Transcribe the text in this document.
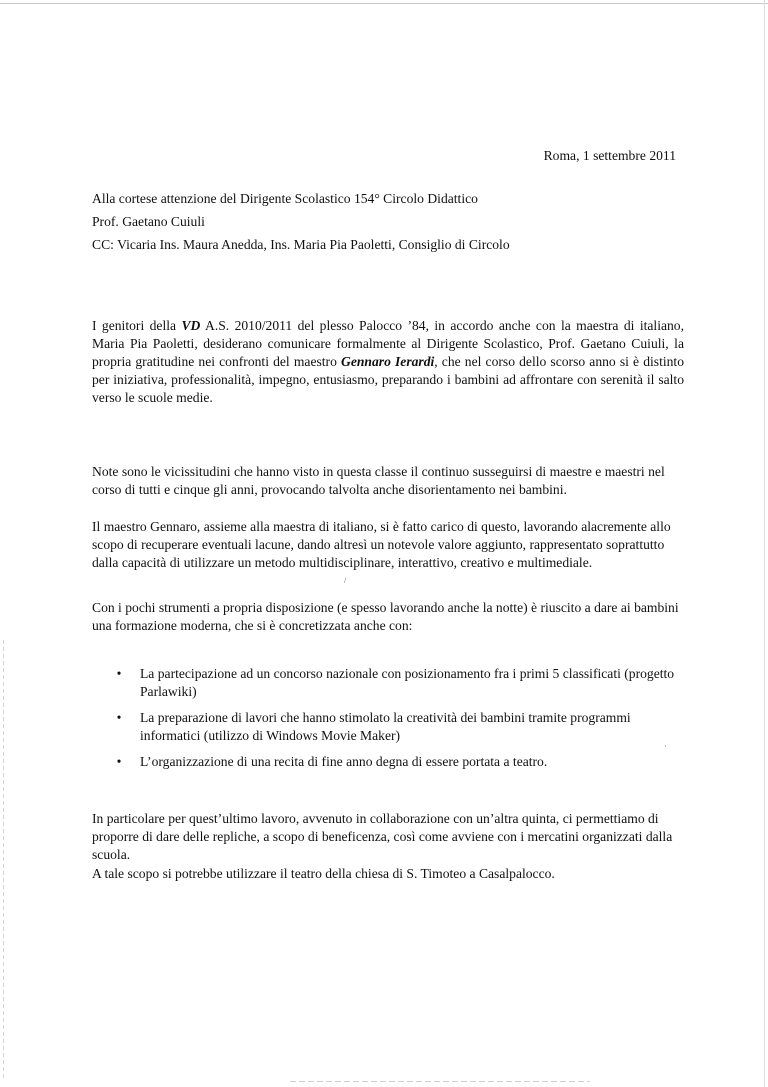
Roma, 1 settembre 2011
Alla cortese attenzione del Dirigente Scolastico 154° Circolo Didattico
Prof. Gaetano Cuiuli
CC: Vicaria Ins. Maura Anedda, Ins. Maria Pia Paoletti, Consiglio di Circolo
I genitori della VD A.S. 2010/2011 del plesso Palocco ’84, in accordo anche con la maestra di italiano, Maria Pia Paoletti, desiderano comunicare formalmente al Dirigente Scolastico, Prof. Gaetano Cuiuli, la propria gratitudine nei confronti del maestro Gennaro Ierardi, che nel corso dello scorso anno si è distinto per iniziativa, professionalità, impegno, entusiasmo, preparando i bambini ad affrontare con serenità il salto verso le scuole medie.
Note sono le vicissitudini che hanno visto in questa classe il continuo susseguirsi di maestre e maestri nel corso di tutti e cinque gli anni, provocando talvolta anche disorientamento nei bambini.
Il maestro Gennaro, assieme alla maestra di italiano, si è fatto carico di questo, lavorando alacremente allo scopo di recuperare eventuali lacune, dando altresì un notevole valore aggiunto, rappresentato soprattutto dalla capacità di utilizzare un metodo multidisciplinare, interattivo, creativo e multimediale.
Con i pochi strumenti a propria disposizione (e spesso lavorando anche la notte) è riuscito a dare ai bambini una formazione moderna, che si è concretizzata anche con:
• La partecipazione ad un concorso nazionale con posizionamento fra i primi 5 classificati (progetto Parlawiki)
• La preparazione di lavori che hanno stimolato la creatività dei bambini tramite programmi informatici (utilizzo di Windows Movie Maker)
• L’organizzazione di una recita di fine anno degna di essere portata a teatro.
In particolare per quest’ultimo lavoro, avvenuto in collaborazione con un’altra quinta, ci permettiamo di proporre di dare delle repliche, a scopo di beneficenza, così come avviene con i mercatini organizzati dalla scuola.
A tale scopo si potrebbe utilizzare il teatro della chiesa di S. Timoteo a Casalpalocco.
/
·
